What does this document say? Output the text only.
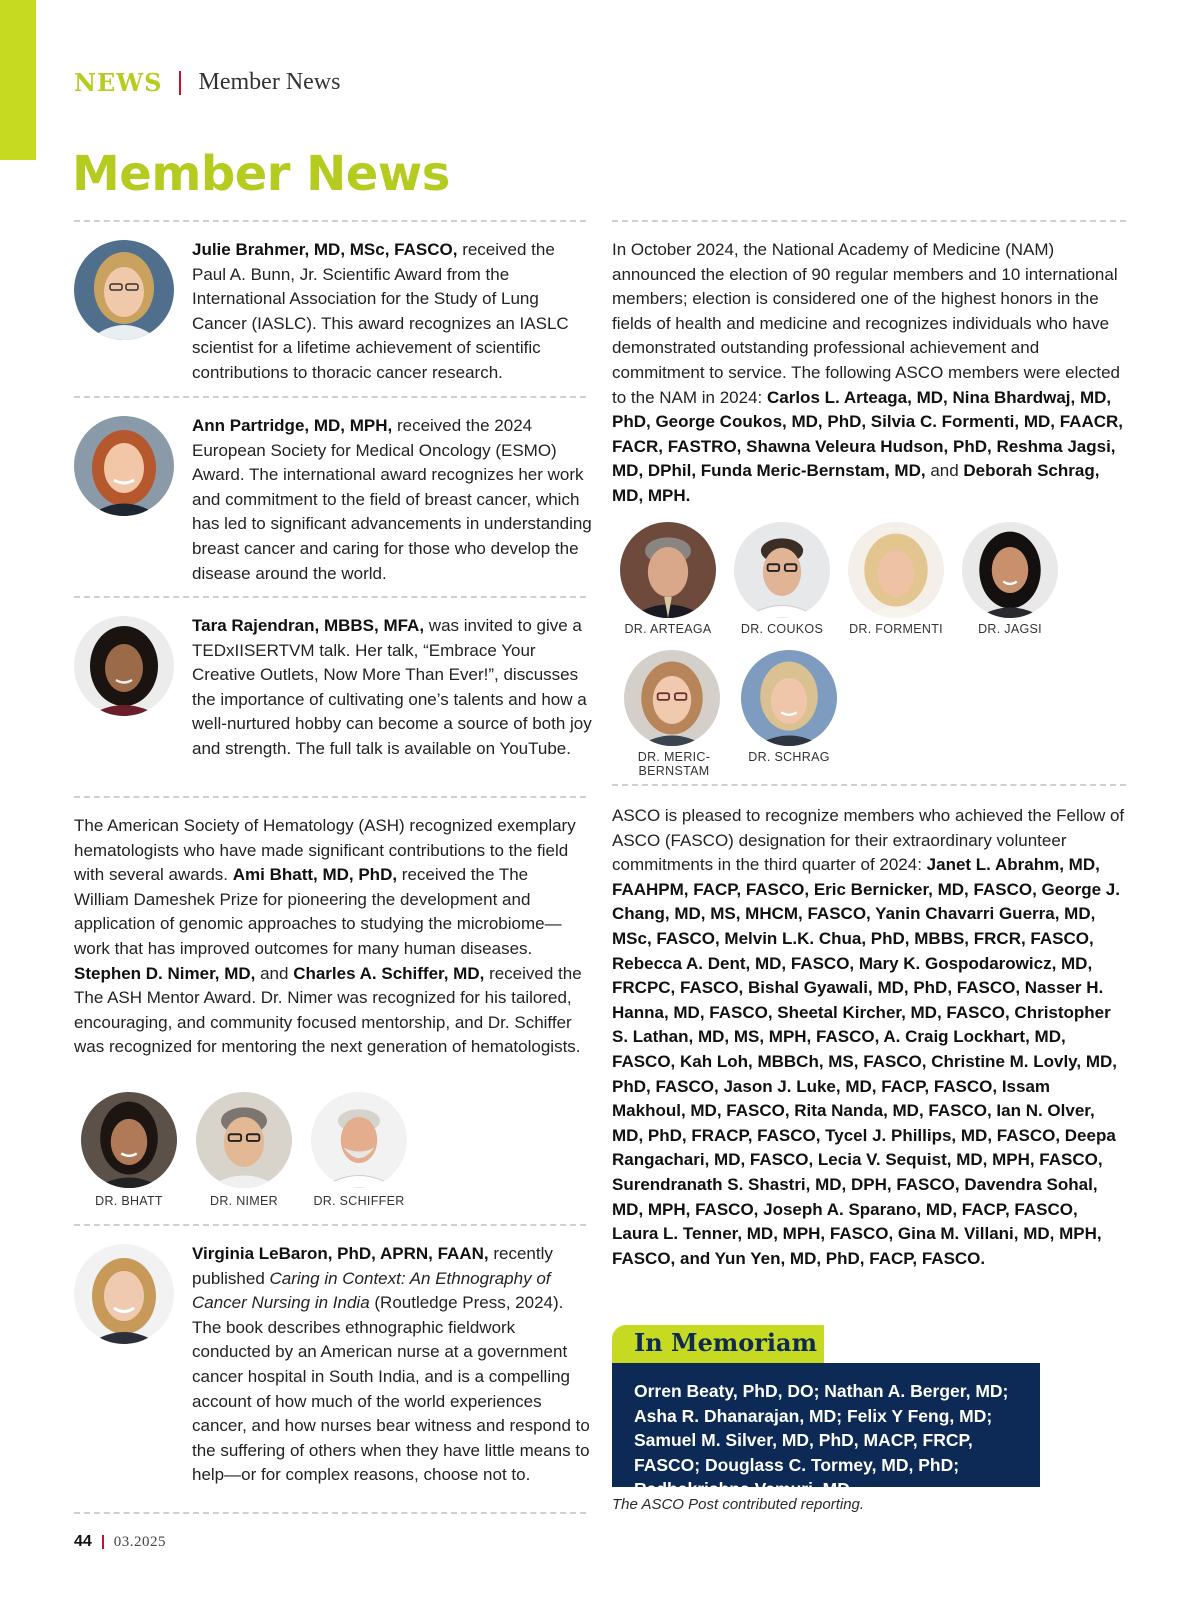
NEWS Member News
Member News

Julie Brahmer, MD, MSc, FASCO, received the Paul A. Bunn, Jr. Scientific Award from the International Association for the Study of Lung Cancer (IASLC). This award recognizes an IASLC scientist for a lifetime achievement of scientific contributions to thoracic cancer research.

Ann Partridge, MD, MPH, received the 2024 European Society for Medical Oncology (ESMO) Award. The international award recognizes her work and commitment to the field of breast cancer, which has led to significant advancements in understanding breast cancer and caring for those who develop the disease around the world.

Tara Rajendran, MBBS, MFA, was invited to give a TEDxIISERTVM talk. Her talk, “Embrace Your Creative Outlets, Now More Than Ever!”, discusses the importance of cultivating one’s talents and how a well-nurtured hobby can become a source of both joy and strength. The full talk is available on YouTube.

The American Society of Hematology (ASH) recognized exemplary hematologists who have made significant contributions to the field with several awards. Ami Bhatt, MD, PhD, received the The William Dameshek Prize for pioneering the development and application of genomic approaches to studying the microbiome—work that has improved outcomes for many human diseases. Stephen D. Nimer, MD, and Charles A. Schiffer, MD, received the The ASH Mentor Award. Dr. Nimer was recognized for his tailored, encouraging, and community focused mentorship, and Dr. Schiffer was recognized for mentoring the next generation of hematologists.

DR. BHATT	DR. NIMER	DR. SCHIFFER

Virginia LeBaron, PhD, APRN, FAAN, recently published Caring in Context: An Ethnography of Cancer Nursing in India (Routledge Press, 2024). The book describes ethnographic fieldwork conducted by an American nurse at a government cancer hospital in South India, and is a compelling account of how much of the world experiences cancer, and how nurses bear witness and respond to the suffering of others when they have little means to help—or for complex reasons, choose not to.

In October 2024, the National Academy of Medicine (NAM) announced the election of 90 regular members and 10 international members; election is considered one of the highest honors in the fields of health and medicine and recognizes individuals who have demonstrated outstanding professional achievement and commitment to service. The following ASCO members were elected to the NAM in 2024: Carlos L. Arteaga, MD, Nina Bhardwaj, MD, PhD, George Coukos, MD, PhD, Silvia C. Formenti, MD, FAACR, FACR, FASTRO, Shawna Veleura Hudson, PhD, Reshma Jagsi, MD, DPhil, Funda Meric-Bernstam, MD, and Deborah Schrag, MD, MPH.

DR. ARTEAGA	DR. COUKOS	DR. FORMENTI	DR. JAGSI
DR. MERIC-BERNSTAM
DR. SCHRAG

ASCO is pleased to recognize members who achieved the Fellow of ASCO (FASCO) designation for their extraordinary volunteer commitments in the third quarter of 2024: Janet L. Abrahm, MD, FAAHPM, FACP, FASCO, Eric Bernicker, MD, FASCO, George J. Chang, MD, MS, MHCM, FASCO, Yanin Chavarri Guerra, MD, MSc, FASCO, Melvin L.K. Chua, PhD, MBBS, FRCR, FASCO, Rebecca A. Dent, MD, FASCO, Mary K. Gospodarowicz, MD, FRCPC, FASCO, Bishal Gyawali, MD, PhD, FASCO, Nasser H. Hanna, MD, FASCO, Sheetal Kircher, MD, FASCO, Christopher S. Lathan, MD, MS, MPH, FASCO, A. Craig Lockhart, MD, FASCO, Kah Loh, MBBCh, MS, FASCO, Christine M. Lovly, MD, PhD, FASCO, Jason J. Luke, MD, FACP, FASCO, Issam Makhoul, MD, FASCO, Rita Nanda, MD, FASCO, Ian N. Olver, MD, PhD, FRACP, FASCO, Tycel J. Phillips, MD, FASCO, Deepa Rangachari, MD, FASCO, Lecia V. Sequist, MD, MPH, FASCO, Surendranath S. Shastri, MD, DPH, FASCO, Davendra Sohal, MD, MPH, FASCO, Joseph A. Sparano, MD, FACP, FASCO, Laura L. Tenner, MD, MPH, FASCO, Gina M. Villani, MD, MPH, FASCO, and Yun Yen, MD, PhD, FACP, FASCO.

In Memoriam

Orren Beaty, PhD, DO; Nathan A. Berger, MD; Asha R. Dhanarajan, MD; Felix Y Feng, MD; Samuel M. Silver, MD, PhD, MACP, FRCP, FASCO; Douglass C. Tormey, MD, PhD; Radhakrishna Vemuri, MD

The ASCO Post contributed reporting.
44 03.2025
